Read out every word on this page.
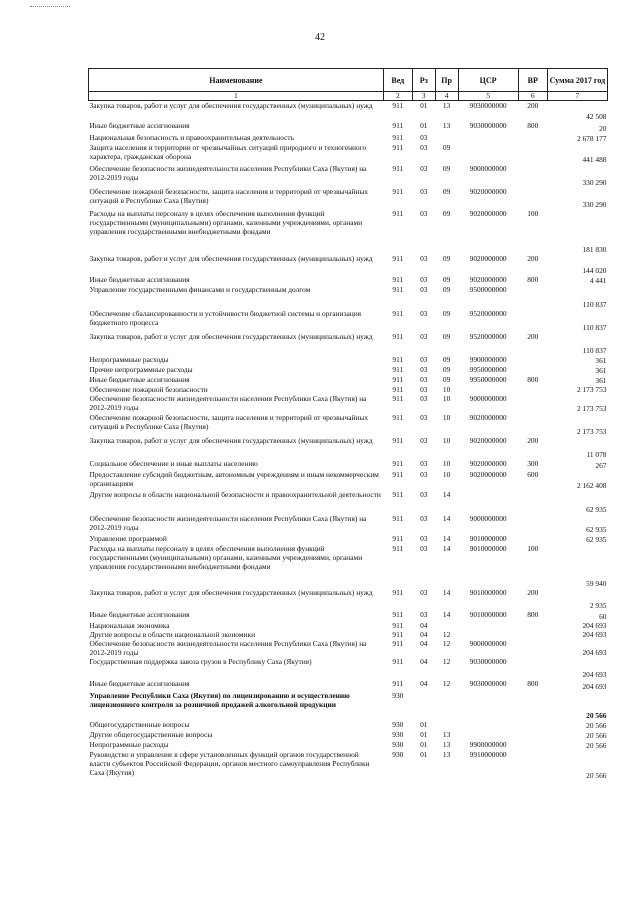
42
Наименование	Вед	Рз	Пр	ЦСР	ВР	Сумма 2017 год
1	2	3	4	5	6	7
Закупка товаров, работ и услуг для обеспечения государственных (муниципальных) нужд	911	01	13	9030000000	200	42 508
Иные бюджетные ассигнования	911	01	13	9030000000	800	20
Национальная безопасность и правоохранительная деятельность	911	03				2 678 177
Защита населения и территории от чрезвычайных ситуаций природного и техногенного характера, гражданская оборона	911	03	09			441 488
Обеспечение безопасности жизнедеятельности населения Республики Саха (Якутия) на 2012-2019 годы	911	03	09	9000000000		330 290
Обеспечение пожарной безопасности, защита населения и территорий от чрезвычайных ситуаций в Республике Саха (Якутия)	911	03	09	9020000000		330 290
Расходы на выплаты персоналу в целях обеспечения выполнения функций государственными (муниципальными) органами, казенными учреждениями, органами управления государственными внебюджетными фондами	911	03	09	9020000000	100	181 830
Закупка товаров, работ и услуг для обеспечения государственных (муниципальных) нужд	911	03	09	9020000000	200	144 020
Иные бюджетные ассигнования	911	03	09	9020000000	800	4 441
Управление государственными финансами и государственным долгом	911	03	09	9500000000		110 837
Обеспечение сбалансированности и устойчивости бюджетной системы и организация бюджетного процесса	911	03	09	9520000000		110 837
Закупка товаров, работ и услуг для обеспечения государственных (муниципальных) нужд	911	03	09	9520000000	200	110 837
Непрограммные расходы	911	03	09	9900000000		361
Прочие непрограммные расходы	911	03	09	9950000000		361
Иные бюджетные ассигнования	911	03	09	9950000000	800	361
Обеспечение пожарной безопасности	911	03	10			2 173 753
Обеспечение безопасности жизнедеятельности населения Республики Саха (Якутия) на 2012-2019 годы	911	03	10	9000000000		2 173 753
Обеспечение пожарной безопасности, защита населения и территорий от чрезвычайных ситуаций в Республике Саха (Якутия)	911	03	10	9020000000		2 173 753
Закупка товаров, работ и услуг для обеспечения государственных (муниципальных) нужд	911	03	10	9020000000	200	11 078
Социальное обеспечение и иные выплаты населению	911	03	10	9020000000	300	267
Предоставление субсидий бюджетным, автономным учреждениям и иным некоммерческим организациям	911	03	10	9020000000	600	2 162 408
Другие вопросы в области национальной безопасности и правоохранительной деятельности	911	03	14			62 935
Обеспечение безопасности жизнедеятельности населения Республики Саха (Якутия) на 2012-2019 годы	911	03	14	9000000000		62 935
Управление программой	911	03	14	9010000000		62 935
Расходы на выплаты персоналу в целях обеспечения выполнения функций государственными (муниципальными) органами, казенными учреждениями, органами управления государственными внебюджетными фондами	911	03	14	9010000000	100	59 940
Закупка товаров, работ и услуг для обеспечения государственных (муниципальных) нужд	911	03	14	9010000000	200	2 935
Иные бюджетные ассигнования	911	03	14	9010000000	800	60
Национальная экономика	911	04				204 693
Другие вопросы в области национальной экономики	911	04	12			204 693
Обеспечение безопасности жизнедеятельности населения Республики Саха (Якутия) на 2012-2019 годы	911	04	12	9000000000		204 693
Государственная поддержка завоза грузов в Республику Саха (Якутия)	911	04	12	9030000000		204 693
Иные бюджетные ассигнования	911	04	12	9030000000	800	204 693
Управление Республики Саха (Якутия) по лицензированию и осуществлению лицензионного контроля за розничной продажей алкогольной продукции	930					20 566
Общегосударственные вопросы	930	01				20 566
Другие общегосударственные вопросы	930	01	13			20 566
Непрограммные расходы	930	01	13	9900000000		20 566
Руководство и управление в сфере установленных функций органов государственной власти субъектов Российской Федерации, органов местного самоуправления Республики Саха (Якутия)	930	01	13	9910000000		20 566
